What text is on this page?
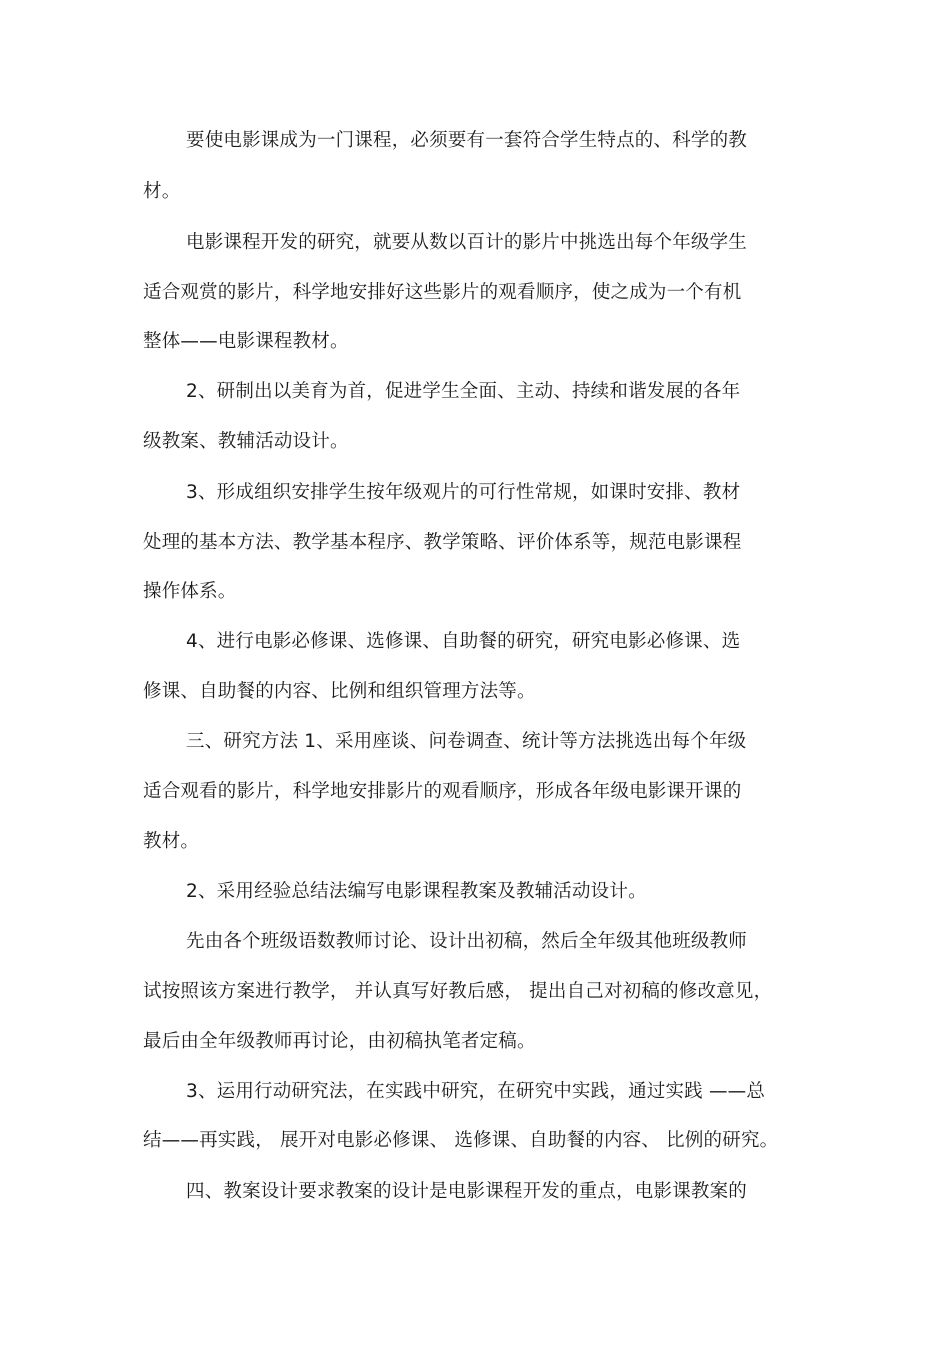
要使电影课成为一门课程，必须要有一套符合学生特点的、科学的教
材。
电影课程开发的研究，就要从数以百计的影片中挑选出每个年级学生
适合观赏的影片，科学地安排好这些影片的观看顺序，使之成为一个有机
整体——电影课程教材。
2、研制出以美育为首，促进学生全面、主动、持续和谐发展的各年
级教案、教辅活动设计。
3、形成组织安排学生按年级观片的可行性常规，如课时安排、教材
处理的基本方法、教学基本程序、教学策略、评价体系等，规范电影课程
操作体系。
4、进行电影必修课、选修课、自助餐的研究，研究电影必修课、选
修课、自助餐的内容、比例和组织管理方法等。
三、研究方法 1、采用座谈、问卷调查、统计等方法挑选出每个年级
适合观看的影片，科学地安排影片的观看顺序，形成各年级电影课开课的
教材。
2、采用经验总结法编写电影课程教案及教辅活动设计。
先由各个班级语数教师讨论、设计出初稿，然后全年级其他班级教师
试按照该方案进行教学， 并认真写好教后感， 提出自己对初稿的修改意见，
最后由全年级教师再讨论，由初稿执笔者定稿。
3、运用行动研究法，在实践中研究，在研究中实践，通过实践 ——总
结——再实践， 展开对电影必修课、 选修课、自助餐的内容、 比例的研究。
四、教案设计要求教案的设计是电影课程开发的重点，电影课教案的
